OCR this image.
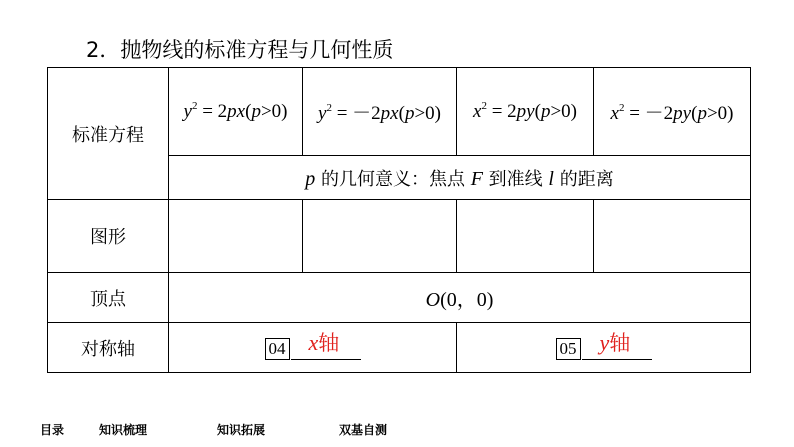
2．抛物线的标准方程与几何性质
标准方程	$y^2 = 2px(p>0)$	$y^2 = -2px(p>0)$	$x^2 = 2py(p>0)$	$x^2 = -2py(p>0)$
	p 的几何意义：焦点 F 到准线 l 的距离			
图形				
顶点	O(0，0)			
对称轴	04 x轴		05 y轴	
目录	知识梳理	知识拓展	双基自测
